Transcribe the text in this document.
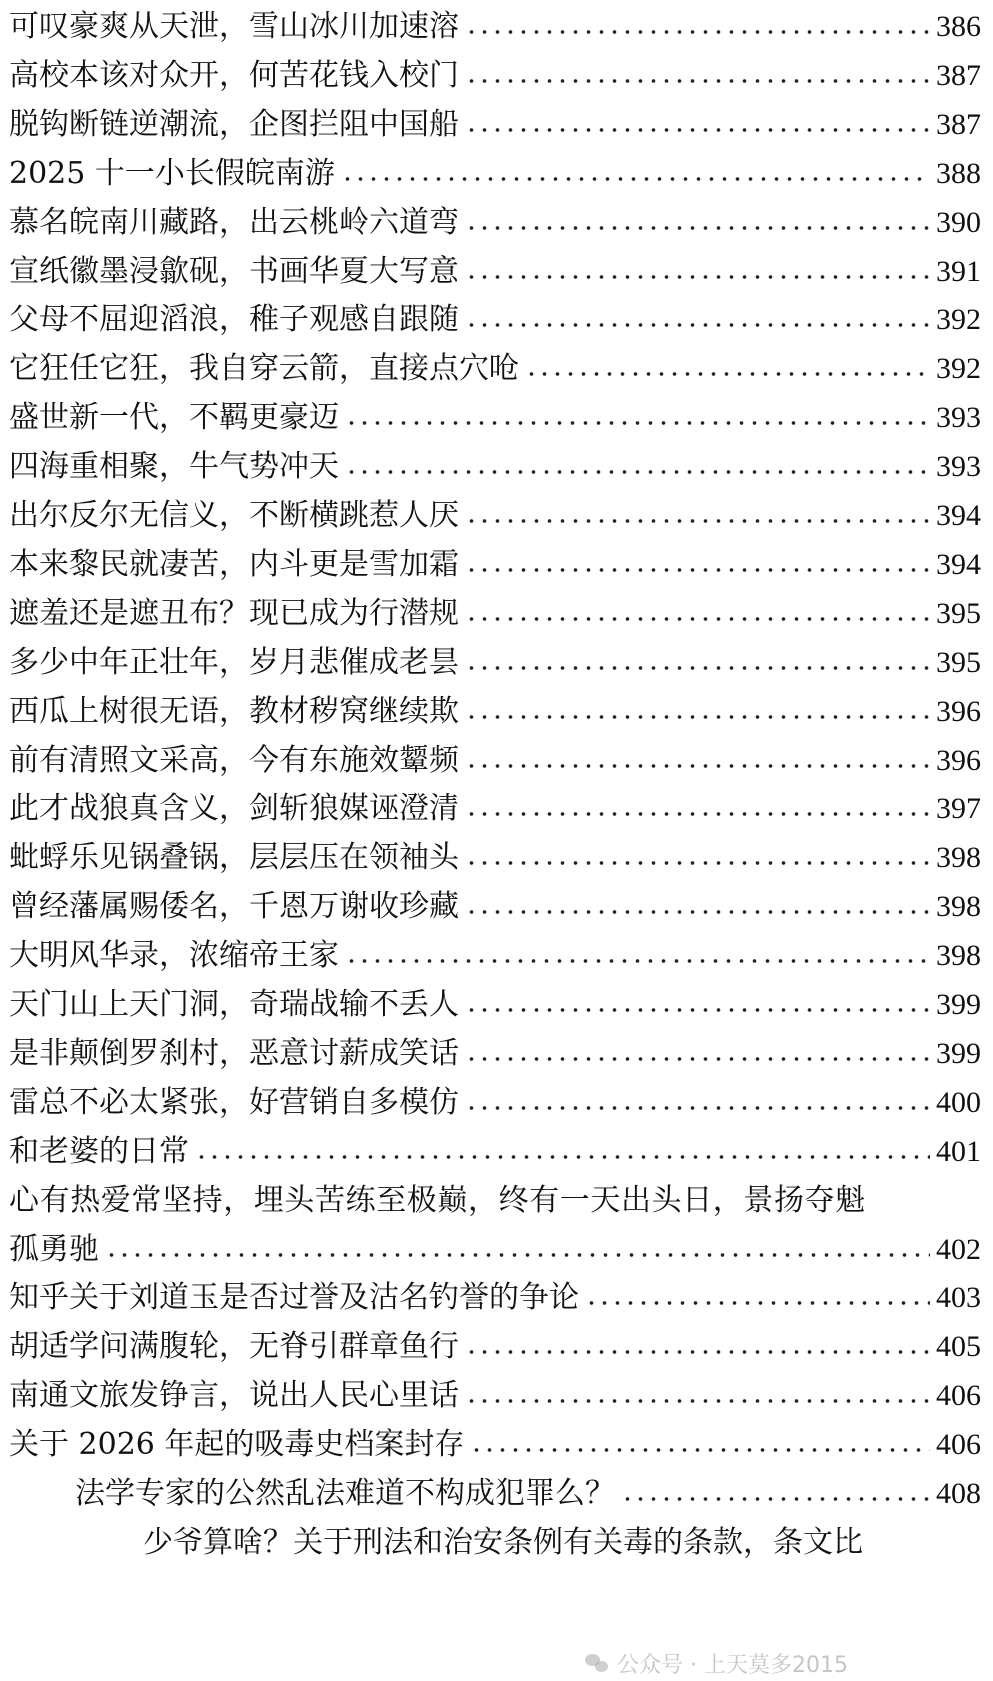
可叹豪爽从天泄，雪山冰川加速溶	386
高校本该对众开，何苦花钱入校门	387
脱钩断链逆潮流，企图拦阻中国船	387
2025 十一小长假皖南游	388
慕名皖南川藏路，出云桃岭六道弯	390
宣纸徽墨浸歙砚，书画华夏大写意	391
父母不屈迎滔浪，稚子观感自跟随	392
它狂任它狂，我自穿云箭，直接点穴呛	392
盛世新一代，不羁更豪迈	393
四海重相聚，牛气势冲天	393
出尔反尔无信义，不断横跳惹人厌	394
本来黎民就凄苦，内斗更是雪加霜	394
遮羞还是遮丑布？现已成为行潜规	395
多少中年正壮年，岁月悲催成老昙	395
西瓜上树很无语，教材秽窝继续欺	396
前有清照文采高，今有东施效颦频	396
此才战狼真含义，剑斩狼媒诬澄清	397
蚍蜉乐见锅叠锅，层层压在领袖头	398
曾经藩属赐倭名，千恩万谢收珍藏	398
大明风华录，浓缩帝王家	398
天门山上天门洞，奇瑞战输不丢人	399
是非颠倒罗刹村，恶意讨薪成笑话	399
雷总不必太紧张，好营销自多模仿	400
和老婆的日常	401
心有热爱常坚持，埋头苦练至极巅，终有一天出头日，景扬夺魁
孤勇驰	402
知乎关于刘道玉是否过誉及沽名钓誉的争论	403
胡适学问满腹轮，无脊引群章鱼行	405
南通文旅发铮言，说出人民心里话	406
关于 2026 年起的吸毒史档案封存	406
法学专家的公然乱法难道不构成犯罪么？	408
少爷算啥？关于刑法和治安条例有关毒的条款，条文比
公众号 · 上天莫多2015
